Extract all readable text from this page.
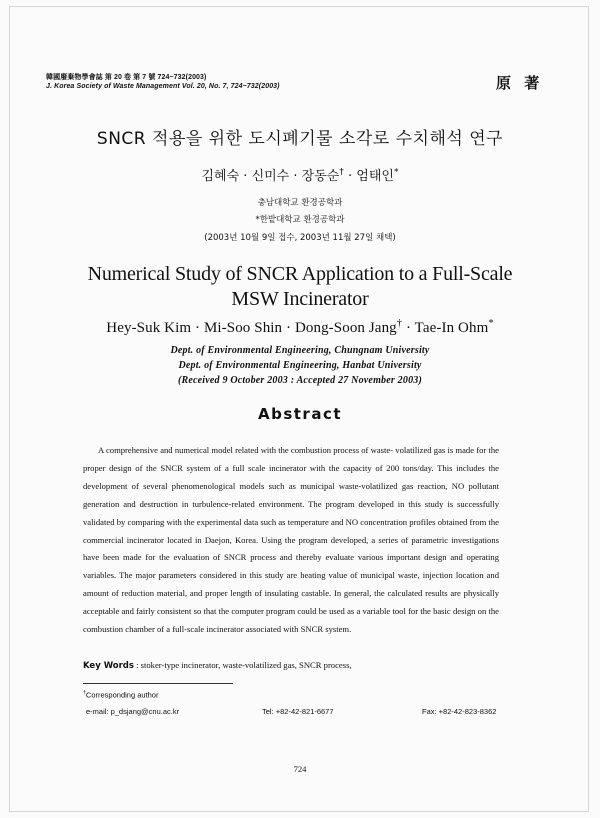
韓國廢棄物學會誌 第 20 卷 第 7 號 724~732(2003)
J. Korea Society of Waste Management Vol. 20, No. 7, 724~732(2003)	原 著
SNCR 적용을 위한 도시폐기물 소각로 수치해석 연구
김혜숙 · 신미수 · 장동순† · 엄태인*
충남대학교 환경공학과
*한밭대학교 환경공학과
(2003년 10월 9일 접수, 2003년 11월 27일 채택)
Numerical Study of SNCR Application to a Full-Scale
MSW Incinerator
Hey-Suk Kim · Mi-Soo Shin · Dong-Soon Jang† · Tae-In Ohm*
Dept. of Environmental Engineering, Chungnam University
Dept. of Environmental Engineering, Hanbat University
(Received 9 October 2003 : Accepted 27 November 2003)
Abstract
A comprehensive and numerical model related with the combustion process of waste- volatilized gas is made for the proper design of the SNCR system of a full scale incinerator with the capacity of 200 tons/day. This includes the development of several phenomenological models such as municipal waste-volatilized gas reaction, NO pollutant generation and destruction in turbulence-related environment. The program developed in this study is successfully validated by comparing with the experimental data such as temperature and NO concentration profiles obtained from the commercial incinerator located in Daejon, Korea. Using the program developed, a series of parametric investigations have been made for the evaluation of SNCR process and thereby evaluate various important design and operating variables. The major parameters considered in this study are heating value of municipal waste, injection location and amount of reduction material, and proper length of insulating castable. In general, the calculated results are physically acceptable and fairly consistent so that the computer program could be used as a variable tool for the basic design on the combustion chamber of a full-scale incinerator associated with SNCR system.
Key Words : stoker-type incinerator, waste-volatilized gas, SNCR process,
†Corresponding author
e-mail: p_dsjang@cnu.ac.kr	Tel: +82-42-821-6677	Fax: +82-42-823-8362
724
